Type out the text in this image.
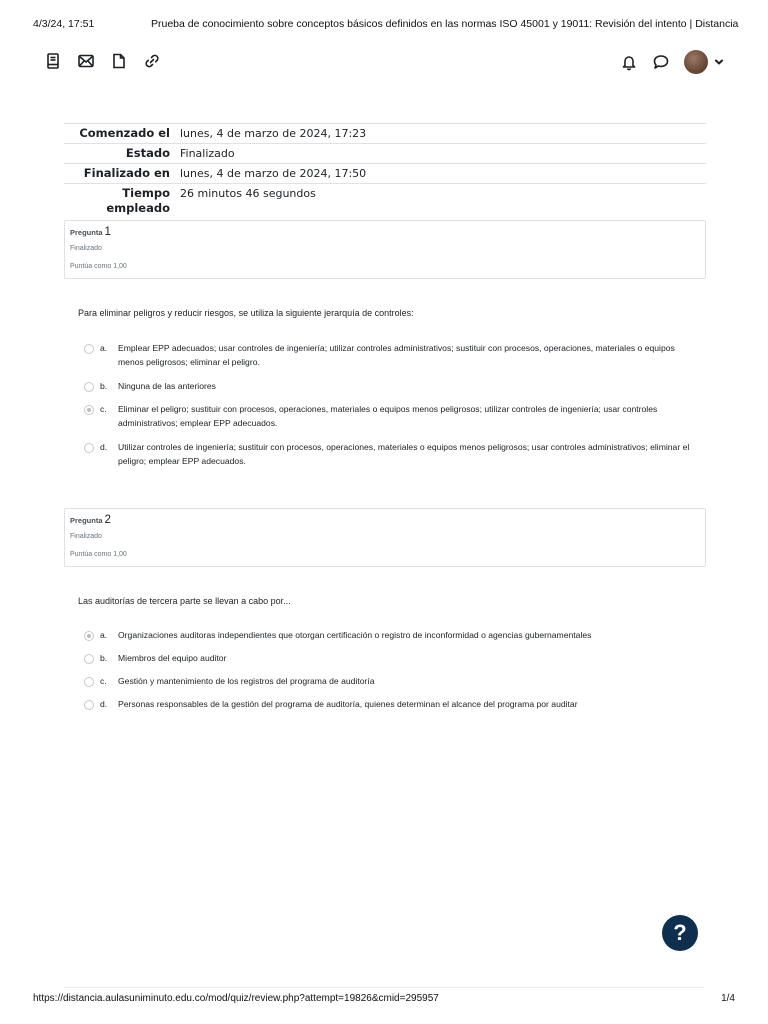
4/3/24, 17:51	Prueba de conocimiento sobre conceptos básicos definidos en las normas ISO 45001 y 19011: Revisión del intento | Distancia
Comenzado el	lunes, 4 de marzo de 2024, 17:23
Estado	Finalizado
Finalizado en	lunes, 4 de marzo de 2024, 17:50
Tiempo empleado	26 minutos 46 segundos
Pregunta 1
Finalizado
Puntúa como 1,00
Para eliminar peligros y reducir riesgos, se utiliza la siguiente jerarquía de controles:
a.	Emplear EPP adecuados; usar controles de ingeniería; utilizar controles administrativos; sustituir con procesos, operaciones, materiales o equipos menos peligrosos; eliminar el peligro.
b.	Ninguna de las anteriores
c.	Eliminar el peligro; sustituir con procesos, operaciones, materiales o equipos menos peligrosos; utilizar controles de ingeniería; usar controles administrativos; emplear EPP adecuados.
d.	Utilizar controles de ingeniería; sustituir con procesos, operaciones, materiales o equipos menos peligrosos; usar controles administrativos; eliminar el peligro; emplear EPP adecuados.
Pregunta 2
Finalizado
Puntúa como 1,00
Las auditorías de tercera parte se llevan a cabo por...
a.	Organizaciones auditoras independientes que otorgan certificación o registro de inconformidad o agencias gubernamentales
b.	Miembros del equipo auditor
c.	Gestión y mantenimiento de los registros del programa de auditoría
d.	Personas responsables de la gestión del programa de auditoría, quienes determinan el alcance del programa por auditar
?
https://distancia.aulasuniminuto.edu.co/mod/quiz/review.php?attempt=19826&cmid=295957	1/4
